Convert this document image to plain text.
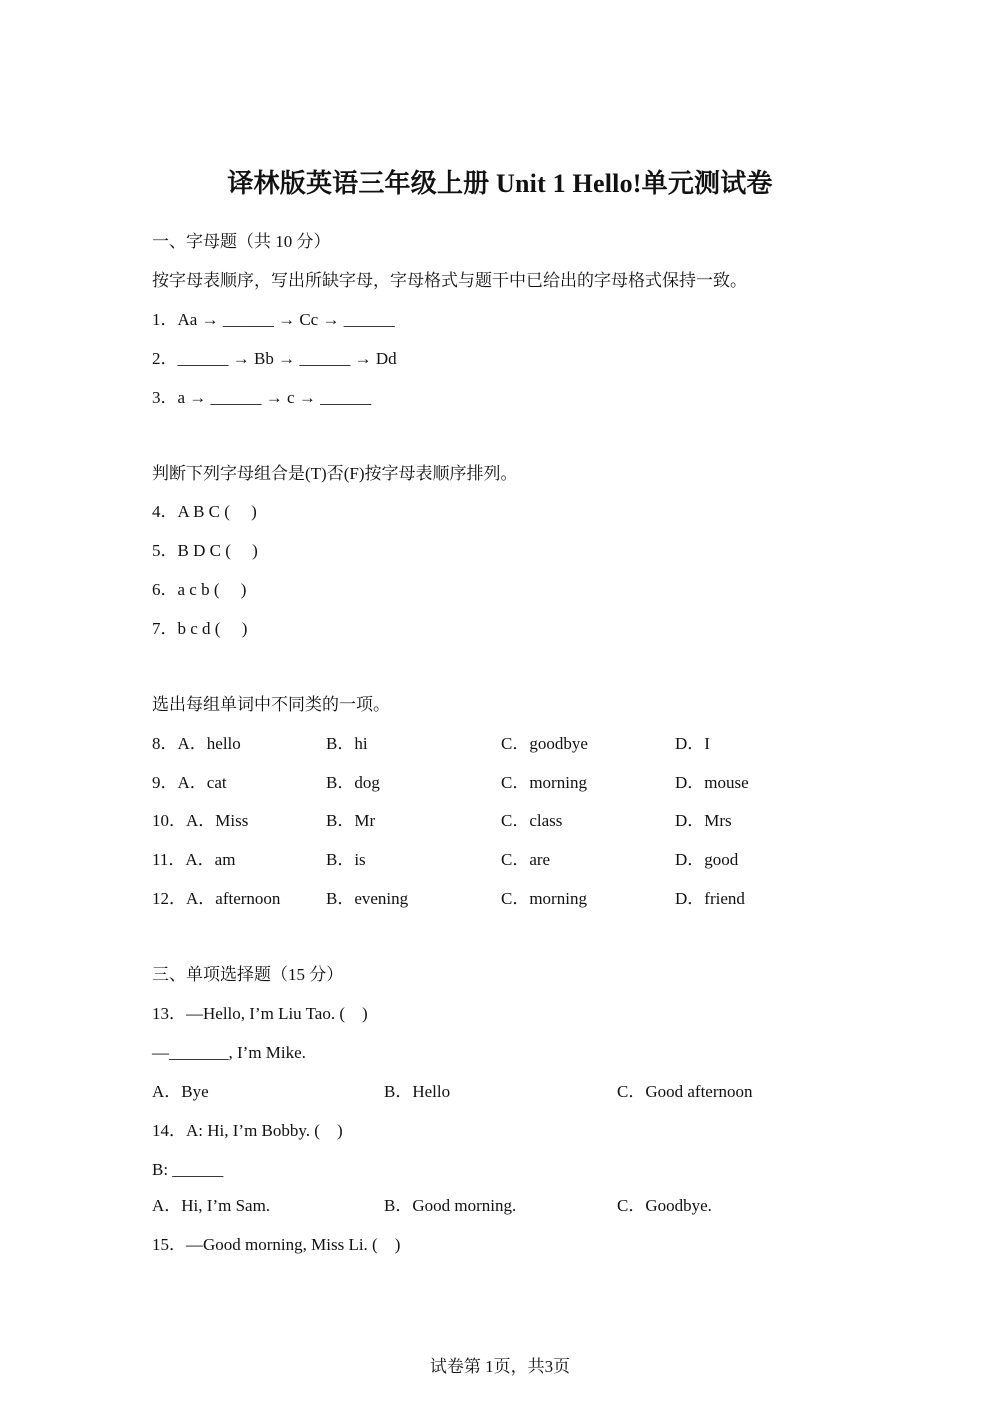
译林版英语三年级上册 Unit 1 Hello!单元测试卷
一、字母题（共 10 分）
按字母表顺序，写出所缺字母，字母格式与题干中已给出的字母格式保持一致。
1．Aa → ______ → Cc → ______
2．______ → Bb → ______ → Dd
3．a → ______ → c → ______
判断下列字母组合是(T)否(F)按字母表顺序排列。
4．A B C (     )
5．B D C (     )
6．a c b (     )
7．b c d (     )
选出每组单词中不同类的一项。
8．A．hello	B．hi	C．goodbye	D．I
9．A．cat	B．dog	C．morning	D．mouse
10．A．Miss	B．Mr	C．class	D．Mrs
11．A．am	B．is	C．are	D．good
12．A．afternoon	B．evening	C．morning	D．friend
三、单项选择题（15 分）
13．—Hello, I’m Liu Tao. (    )
—_______, I’m Mike.
A．Bye	B．Hello	C．Good afternoon
14．A: Hi, I’m Bobby. (    )
B: ______
A．Hi, I’m Sam.	B．Good morning.	C．Goodbye.
15．—Good morning, Miss Li. (    )
试卷第 1页，共3页
